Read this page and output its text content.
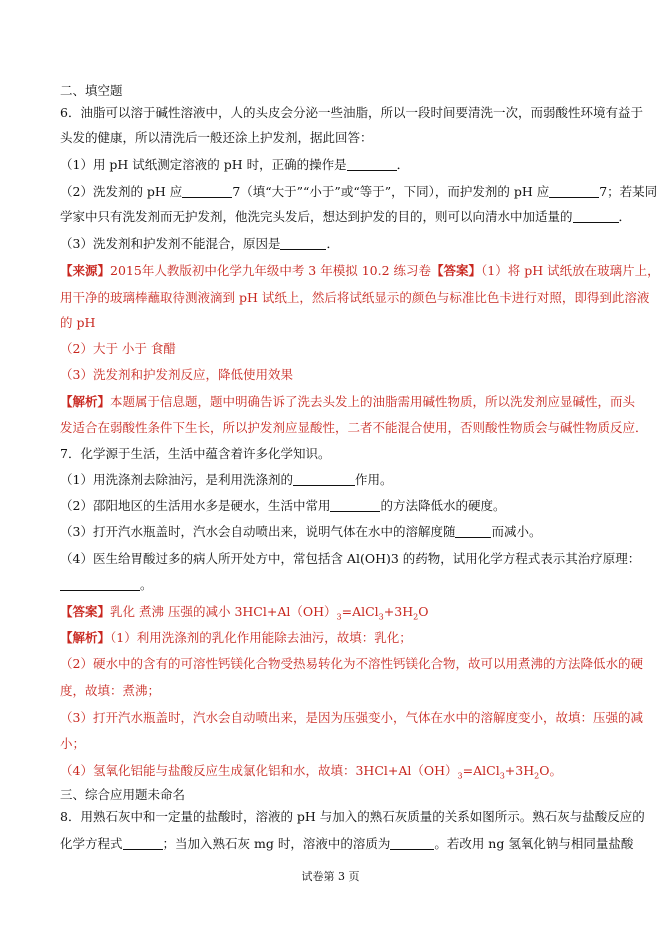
二、填空题
6．油脂可以溶于碱性溶液中，人的头皮会分泌一些油脂，所以一段时间要清洗一次，而弱酸性环境有益于
头发的健康，所以清洗后一般还涂上护发剂，据此回答：
（1）用 pH 试纸测定溶液的 pH 时，正确的操作是	．
（2）洗发剂的 pH 应	7（填“大于”“小于”或“等于”，下同），而护发剂的 pH 应	7；若某同
学家中只有洗发剂而无护发剂，他洗完头发后，想达到护发的目的，则可以向清水中加适量的	．
（3）洗发剂和护发剂不能混合，原因是	．
【来源】2015年人教版初中化学九年级中考 3 年模拟 10.2 练习卷【答案】（1）将 pH 试纸放在玻璃片上，
用干净的玻璃棒蘸取待测液滴到 pH 试纸上，然后将试纸显示的颜色与标准比色卡进行对照，即得到此溶液
的 pH
（2）大于 小于 食醋
（3）洗发剂和护发剂反应，降低使用效果
【解析】本题属于信息题，题中明确告诉了洗去头发上的油脂需用碱性物质，所以洗发剂应显碱性，而头
发适合在弱酸性条件下生长，所以护发剂应显酸性，二者不能混合使用，否则酸性物质会与碱性物质反应．
7．化学源于生活，生活中蕴含着许多化学知识。
（1）用洗涤剂去除油污，是利用洗涤剂的	作用。
（2）邵阳地区的生活用水多是硬水，生活中常用	的方法降低水的硬度。
（3）打开汽水瓶盖时，汽水会自动喷出来，说明气体在水中的溶解度随	而减小。
（4）医生给胃酸过多的病人所开处方中，常包括含 Al(OH)3 的药物，试用化学方程式表示其治疗原理：
。
【答案】乳化 煮沸 压强的减小 $3HCl+Al(OH)_3=AlCl_3+3H_2O$
【解析】（1）利用洗涤剂的乳化作用能除去油污，故填：乳化；
（2）硬水中的含有的可溶性钙镁化合物受热易转化为不溶性钙镁化合物，故可以用煮沸的方法降低水的硬
度，故填：煮沸；
（3）打开汽水瓶盖时，汽水会自动喷出来，是因为压强变小，气体在水中的溶解度变小，故填：压强的减
小；
（4）氢氧化铝能与盐酸反应生成氯化铝和水，故填：$3HCl+Al(OH)_3=AlCl_3+3H_2O$。
三、综合应用题未命名
8．用熟石灰中和一定量的盐酸时，溶液的 pH 与加入的熟石灰质量的关系如图所示。熟石灰与盐酸反应的
化学方程式	；当加入熟石灰 mg 时，溶液中的溶质为	。若改用 ng 氢氧化钠与相同量盐酸
试卷第 3 页
